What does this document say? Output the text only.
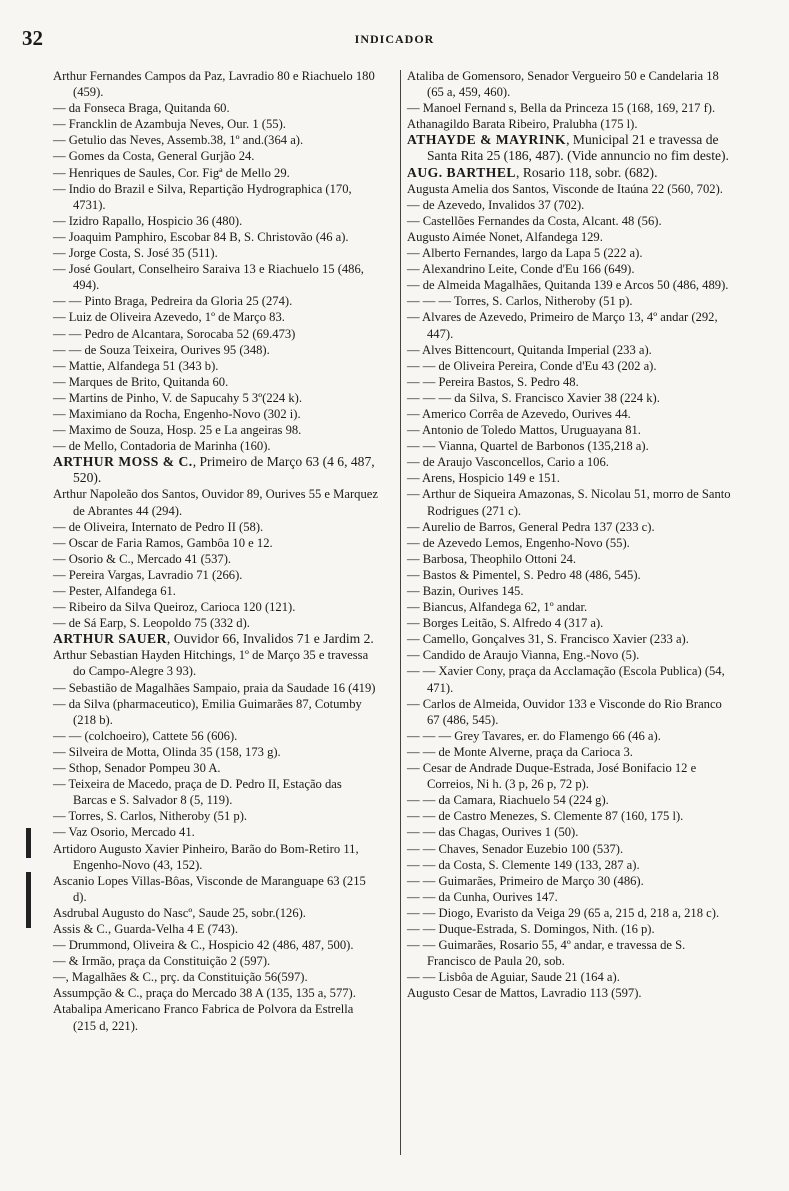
32	INDICADOR

Arthur Fernandes Campos da Paz, Lavradio 80 e Riachuelo 180 (459).

— da Fonseca Braga, Quitanda 60.

— Francklin de Azambuja Neves, Our. 1 (55).

— Getulio das Neves, Assemb.38, 1º and.(364 a).

— Gomes da Costa, General Gurjão 24.

— Henriques de Saules, Cor. Figª de Mello 29.

— Indio do Brazil e Silva, Repartição Hydrographica (170, 4731).

— Izidro Rapallo, Hospicio 36 (480).

— Joaquim Pamphiro, Escobar 84 B, S. Christovão (46 a).

— Jorge Costa, S. José 35 (511).

— José Goulart, Conselheiro Saraiva 13 e Riachuelo 15 (486, 494).

— — Pinto Braga, Pedreira da Gloria 25 (274).

— Luiz de Oliveira Azevedo, 1º de Março 83.

— — Pedro de Alcantara, Sorocaba 52 (69.473)

— — de Souza Teixeira, Ourives 95 (348).

— Mattie, Alfandega 51 (343 b).

— Marques de Brito, Quitanda 60.

— Martins de Pinho, V. de Sapucahy 5 3º(224 k).

— Maximiano da Rocha, Engenho-Novo (302 i).

— Maximo de Souza, Hosp. 25 e La angeiras 98.

— de Mello, Contadoria de Marinha (160).

ARTHUR MOSS & C., Primeiro de Março 63 (4 6, 487, 520).

Arthur Napoleão dos Santos, Ouvidor 89, Ourives 55 e Marquez de Abrantes 44 (294).

— de Oliveira, Internato de Pedro II (58).

— Oscar de Faria Ramos, Gambôa 10 e 12.

— Osorio & C., Mercado 41 (537).

— Pereira Vargas, Lavradio 71 (266).

— Pester, Alfandega 61.

— Ribeiro da Silva Queiroz, Carioca 120 (121).

— de Sá Earp, S. Leopoldo 75 (332 d).

ARTHUR SAUER, Ouvidor 66, Invalidos 71 e Jardim 2.

Arthur Sebastian Hayden Hitchings, 1º de Março 35 e travessa do Campo-Alegre 3 93).

— Sebastião de Magalhães Sampaio, praia da Saudade 16 (419)

— da Silva (pharmaceutico), Emilia Guimarães 87, Cotumby (218 b).

— — (colchoeiro), Cattete 56 (606).

— Silveira de Motta, Olinda 35 (158, 173 g).

— Sthop, Senador Pompeu 30 A.

— Teixeira de Macedo, praça de D. Pedro II, Estação das Barcas e S. Salvador 8 (5, 119).

— Torres, S. Carlos, Nitheroby (51 p).

— Vaz Osorio, Mercado 41.

Artidoro Augusto Xavier Pinheiro, Barão do Bom-Retiro 11, Engenho-Novo (43, 152).

Ascanio Lopes Villas-Bôas, Visconde de Maranguape 63 (215 d).

Asdrubal Augusto do Nascº, Saude 25, sobr.(126).

Assis & C., Guarda-Velha 4 E (743).

— Drummond, Oliveira & C., Hospicio 42 (486, 487, 500).

— & Irmão, praça da Constituição 2 (597).

—, Magalhães & C., prç. da Constituição 56(597).

Assumpção & C., praça do Mercado 38 A (135, 135 a, 577).

Atabalipa Americano Franco Fabrica de Polvora da Estrella (215 d, 221).

Ataliba de Gomensoro, Senador Vergueiro 50 e Candelaria 18 (65 a, 459, 460).

— Manoel Fernand s, Bella da Princeza 15 (168, 169, 217 f).

Athanagildo Barata Ribeiro, Pralubha (175 l).

ATHAYDE & MAYRINK, Municipal 21 e travessa de Santa Rita 25 (186, 487). (Vide annuncio no fim deste).

AUG. BARTHEL, Rosario 118, sobr. (682).

Augusta Amelia dos Santos, Visconde de Itaúna 22 (560, 702).

— de Azevedo, Invalidos 37 (702).

— Castellões Fernandes da Costa, Alcant. 48 (56).

Augusto Aimée Nonet, Alfandega 129.

— Alberto Fernandes, largo da Lapa 5 (222 a).

— Alexandrino Leite, Conde d'Eu 166 (649).

— de Almeida Magalhães, Quitanda 139 e Arcos 50 (486, 489).

— — — Torres, S. Carlos, Nitheroby (51 p).

— Alvares de Azevedo, Primeiro de Março 13, 4º andar (292, 447).

— Alves Bittencourt, Quitanda Imperial (233 a).

— — de Oliveira Pereira, Conde d'Eu 43 (202 a).

— — Pereira Bastos, S. Pedro 48.

— — — da Silva, S. Francisco Xavier 38 (224 k).

— Americo Corrêa de Azevedo, Ourives 44.

— Antonio de Toledo Mattos, Uruguayana 81.

— — Vianna, Quartel de Barbonos (135,218 a).

— de Araujo Vasconcellos, Cario a 106.

— Arens, Hospicio 149 e 151.

— Arthur de Siqueira Amazonas, S. Nicolau 51, morro de Santo Rodrigues (271 c).

— Aurelio de Barros, General Pedra 137 (233 c).

— de Azevedo Lemos, Engenho-Novo (55).

— Barbosa, Theophilo Ottoni 24.

— Bastos & Pimentel, S. Pedro 48 (486, 545).

— Bazin, Ourives 145.

— Biancus, Alfandega 62, 1º andar.

— Borges Leitão, S. Alfredo 4 (317 a).

— Camello, Gonçalves 31, S. Francisco Xavier (233 a).

— Candido de Araujo Vianna, Eng.-Novo (5).

— — Xavier Cony, praça da Acclamação (Escola Publica) (54, 471).

— Carlos de Almeida, Ouvidor 133 e Visconde do Rio Branco 67 (486, 545).

— — — Grey Tavares, er. do Flamengo 66 (46 a).

— — de Monte Alverne, praça da Carioca 3.

— Cesar de Andrade Duque-Estrada, José Bonifacio 12 e Correios, Ni h. (3 p, 26 p, 72 p).

— — da Camara, Riachuelo 54 (224 g).

— — de Castro Menezes, S. Clemente 87 (160, 175 l).

— — das Chagas, Ourives 1 (50).

— — Chaves, Senador Euzebio 100 (537).

— — da Costa, S. Clemente 149 (133, 287 a).

— — Guimarães, Primeiro de Março 30 (486).

— — da Cunha, Ourives 147.

— — Diogo, Evaristo da Veiga 29 (65 a, 215 d, 218 a, 218 c).

— — Duque-Estrada, S. Domingos, Nith. (16 p).

— — Guimarães, Rosario 55, 4º andar, e travessa de S. Francisco de Paula 20, sob.

— — Lisbôa de Aguiar, Saude 21 (164 a).

Augusto Cesar de Mattos, Lavradio 113 (597).
